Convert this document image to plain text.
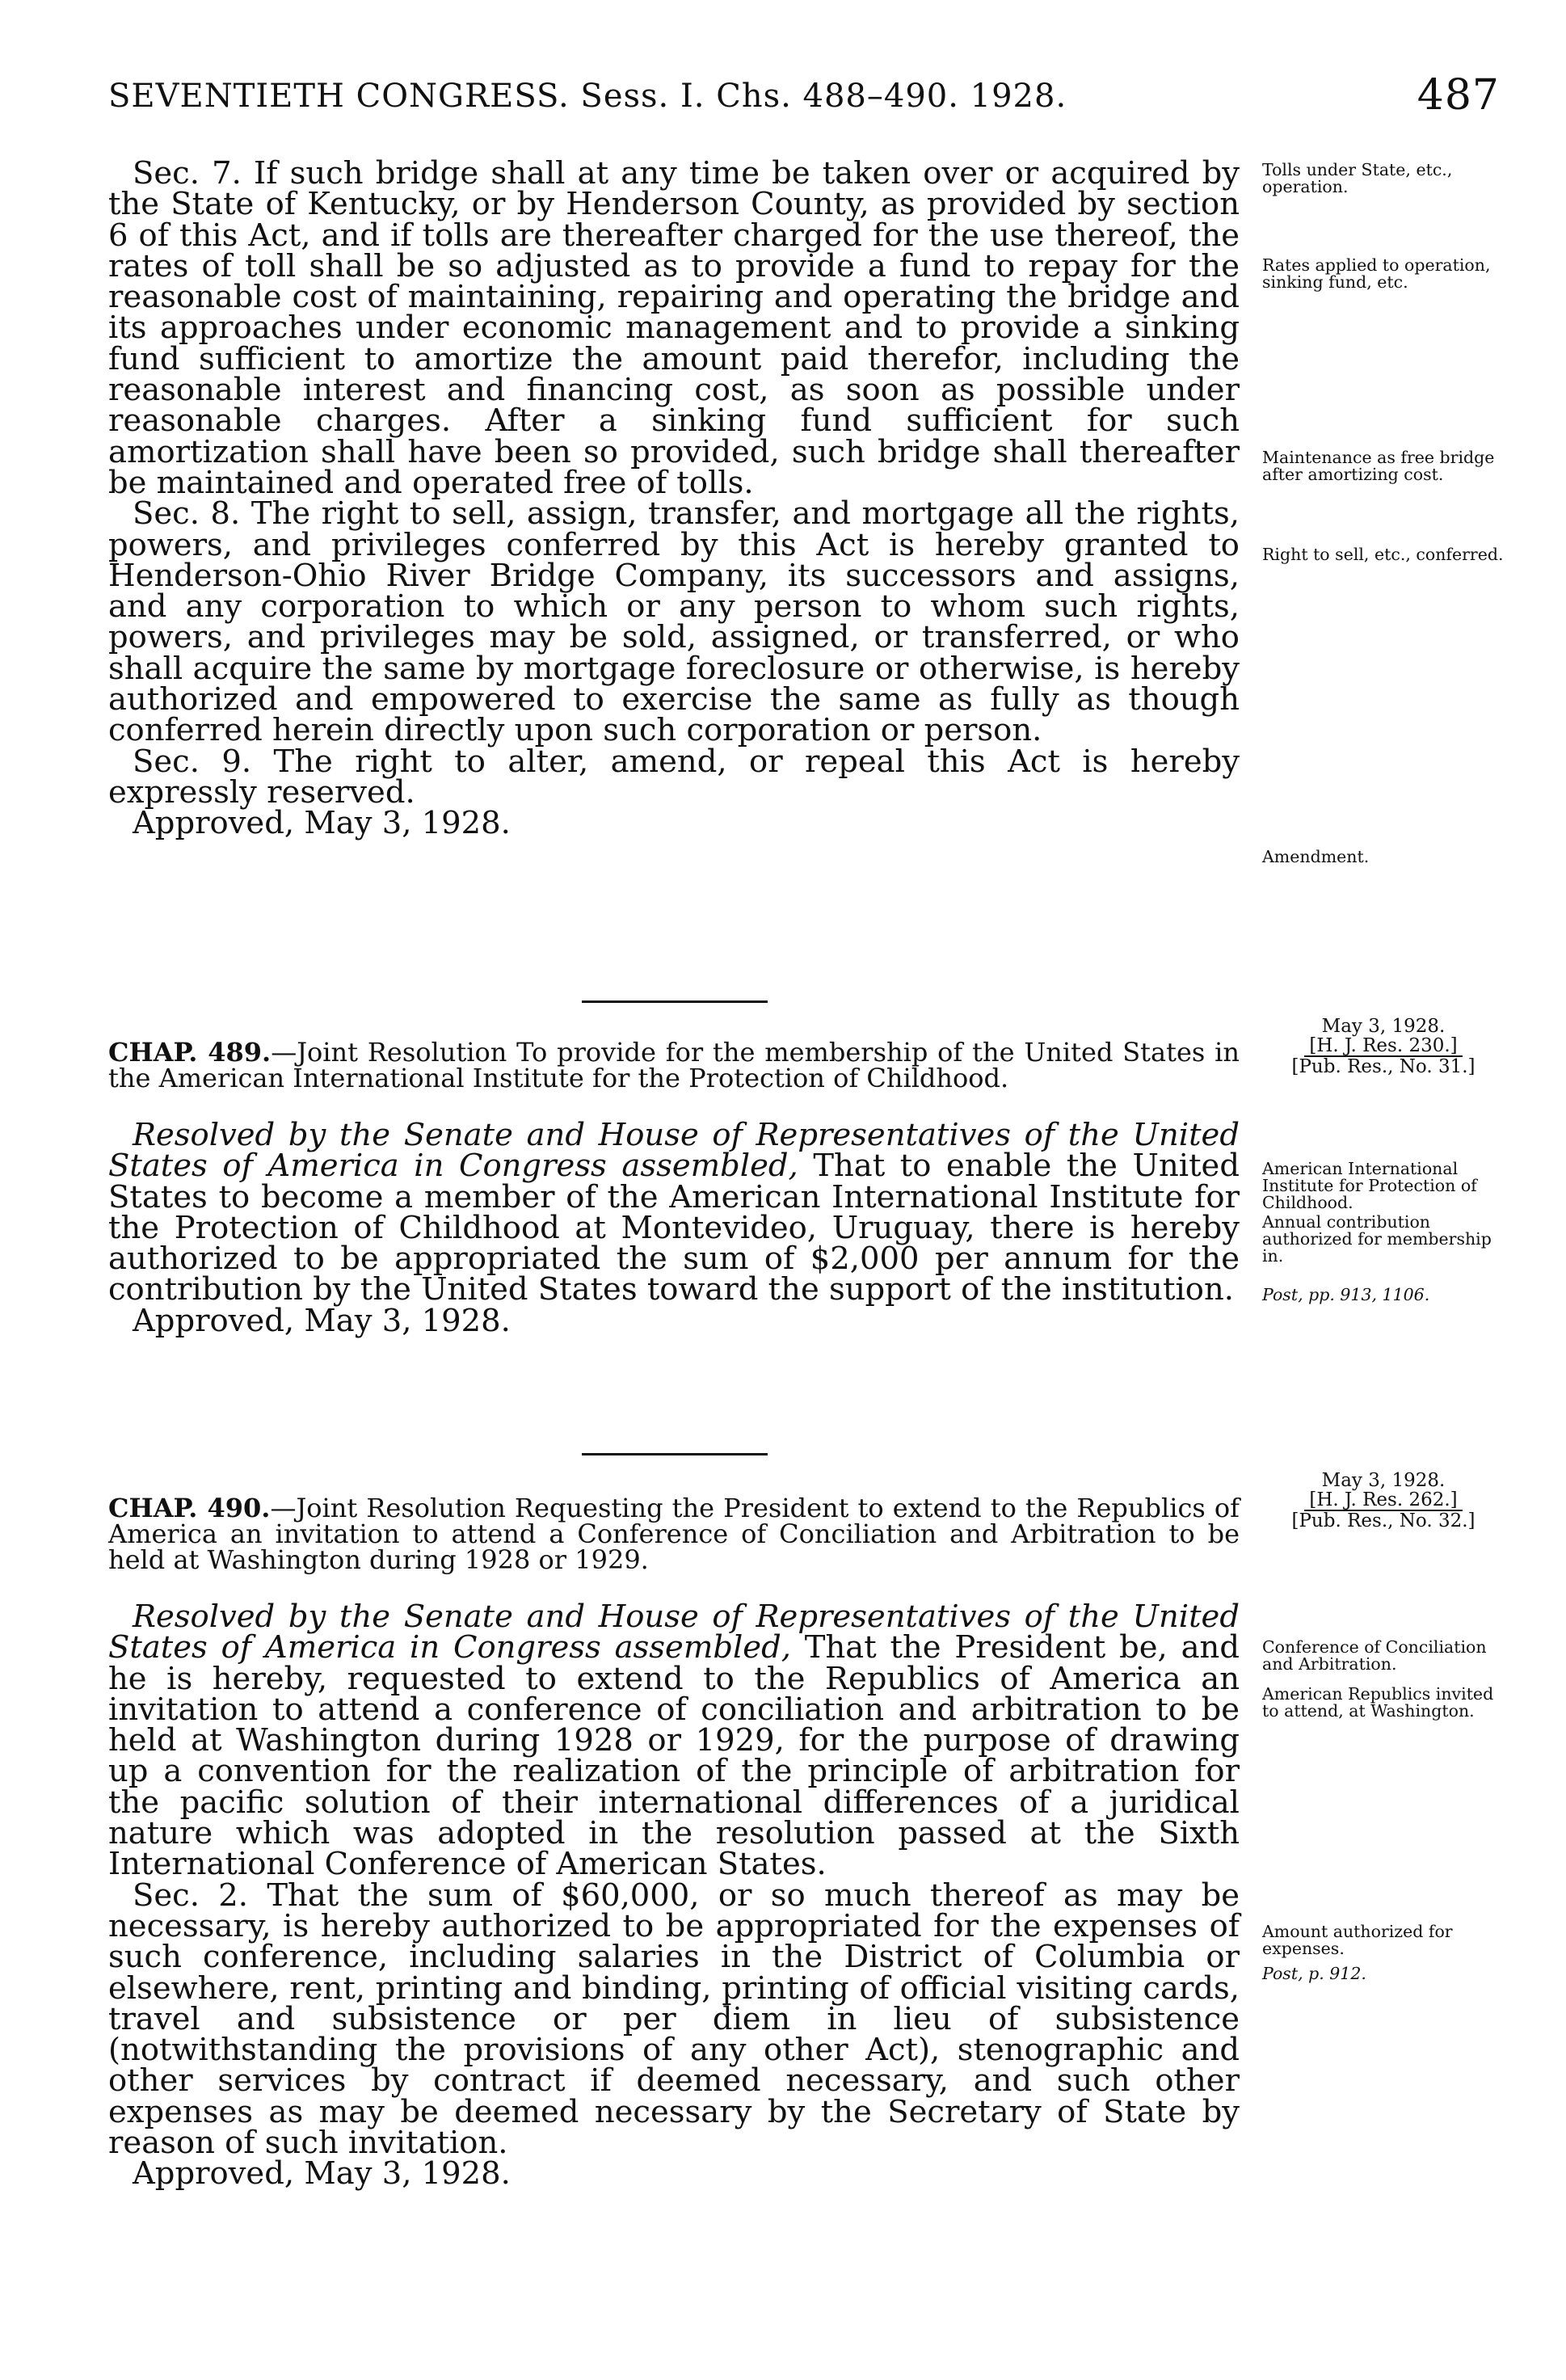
SEVENTIETH CONGRESS. Sess. I. Chs. 488–490. 1928.	487

Sec. 7. If such bridge shall at any time be taken over or acquired by the State of Kentucky, or by Henderson County, as provided by section 6 of this Act, and if tolls are thereafter charged for the use thereof, the rates of toll shall be so adjusted as to provide a fund to repay for the reasonable cost of maintaining, repairing and operating the bridge and its approaches under economic management and to provide a sinking fund sufficient to amortize the amount paid therefor, including the reasonable interest and financing cost, as soon as possible under reasonable charges. After a sinking fund sufficient for such amortization shall have been so provided, such bridge shall thereafter be maintained and operated free of tolls.

Sec. 8. The right to sell, assign, transfer, and mortgage all the rights, powers, and privileges conferred by this Act is hereby granted to Henderson-Ohio River Bridge Company, its successors and assigns, and any corporation to which or any person to whom such rights, powers, and privileges may be sold, assigned, or transferred, or who shall acquire the same by mortgage foreclosure or otherwise, is hereby authorized and empowered to exercise the same as fully as though conferred herein directly upon such corporation or person.

Sec. 9. The right to alter, amend, or repeal this Act is hereby expressly reserved.

Approved, May 3, 1928.

May 3, 1928.
[H. J. Res. 230.]
[Pub. Res., No. 31.]

CHAP. 489.—Joint Resolution To provide for the membership of the United States in the American International Institute for the Protection of Childhood.

Resolved by the Senate and House of Representatives of the United States of America in Congress assembled, That to enable the United States to become a member of the American International Institute for the Protection of Childhood at Montevideo, Uruguay, there is hereby authorized to be appropriated the sum of $2,000 per annum for the contribution by the United States toward the support of the institution.

Approved, May 3, 1928.

May 3, 1928.
[H. J. Res. 262.]
[Pub. Res., No. 32.]

CHAP. 490.—Joint Resolution Requesting the President to extend to the Republics of America an invitation to attend a Conference of Conciliation and Arbitration to be held at Washington during 1928 or 1929.

Resolved by the Senate and House of Representatives of the United States of America in Congress assembled, That the President be, and he is hereby, requested to extend to the Republics of America an invitation to attend a conference of conciliation and arbitration to be held at Washington during 1928 or 1929, for the purpose of drawing up a convention for the realization of the principle of arbitration for the pacific solution of their international differences of a juridical nature which was adopted in the resolution passed at the Sixth International Conference of American States.

Sec. 2. That the sum of $60,000, or so much thereof as may be necessary, is hereby authorized to be appropriated for the expenses of such conference, including salaries in the District of Columbia or elsewhere, rent, printing and binding, printing of official visiting cards, travel and subsistence or per diem in lieu of subsistence (notwithstanding the provisions of any other Act), stenographic and other services by contract if deemed necessary, and such other expenses as may be deemed necessary by the Secretary of State by reason of such invitation.

Approved, May 3, 1928.

Tolls under State, etc., operation.
Rates applied to operation, sinking fund, etc.
Maintenance as free bridge after amortizing cost.
Right to sell, etc., conferred.
Amendment.
American International Institute for Protection of Childhood.
Annual contribution authorized for membership in.
Post, pp. 913, 1106.
Conference of Conciliation and Arbitration.
American Republics invited to attend, at Washington.
Amount authorized for expenses.
Post, p. 912.
